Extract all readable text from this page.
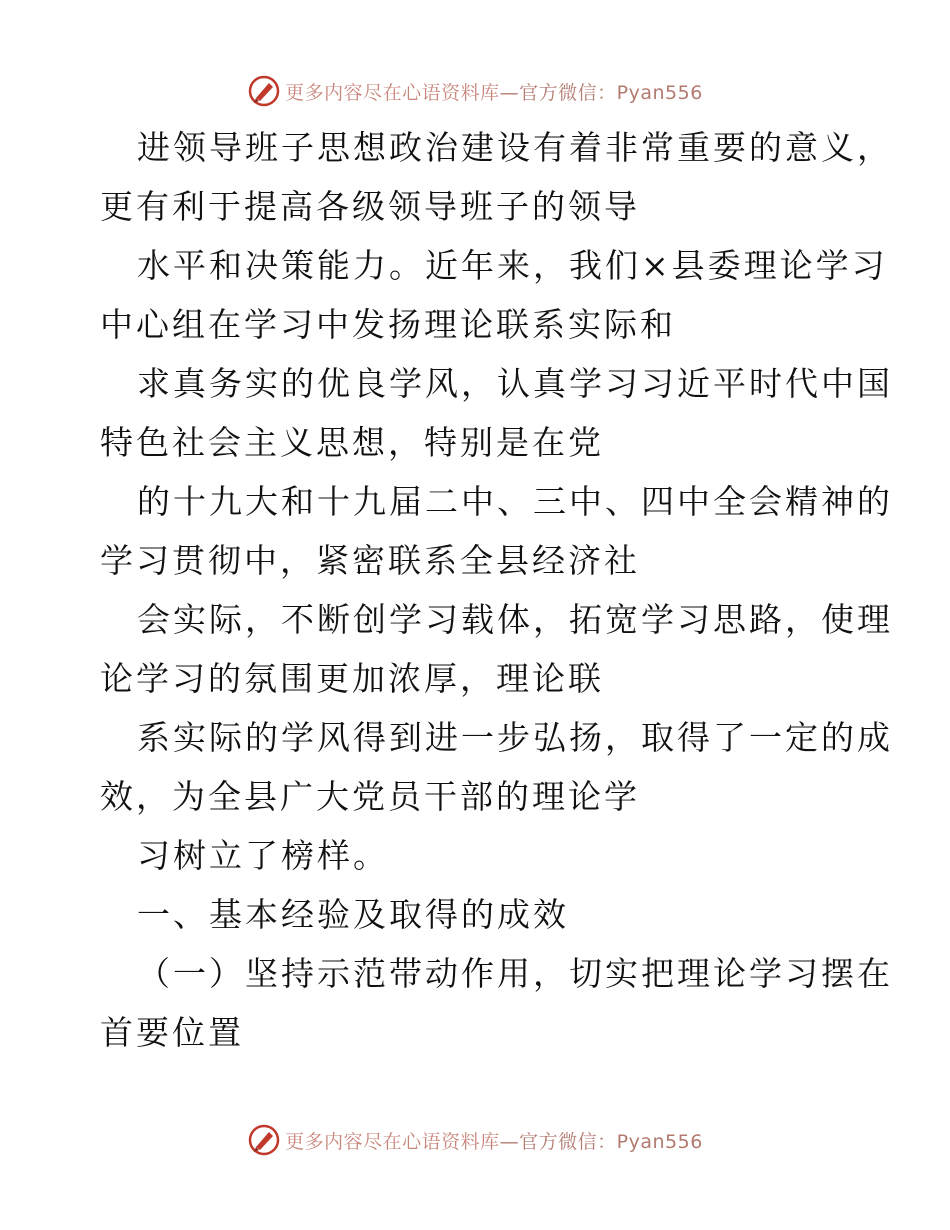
更多内容尽在心语资料库 —官方微信：Pyan556
进领导班子思想政治建设有着非常重要的意义，
更有利于提高各级领导班子的领导
水平和决策能力。近年来，我们×县委理论学习
中心组在学习中发扬理论联系实际和
求真务实的优良学风，认真学习习近平时代中国
特色社会主义思想，特别是在党
的十九大和十九届二中、三中、四中全会精神的
学习贯彻中，紧密联系全县经济社
会实际，不断创学习载体，拓宽学习思路，使理
论学习的氛围更加浓厚，理论联
系实际的学风得到进一步弘扬，取得了一定的成
效，为全县广大党员干部的理论学
习树立了榜样。
一、基本经验及取得的成效
（一）坚持示范带动作用，切实把理论学习摆在
首要位置
更多内容尽在心语资料库 —官方微信：Pyan556
